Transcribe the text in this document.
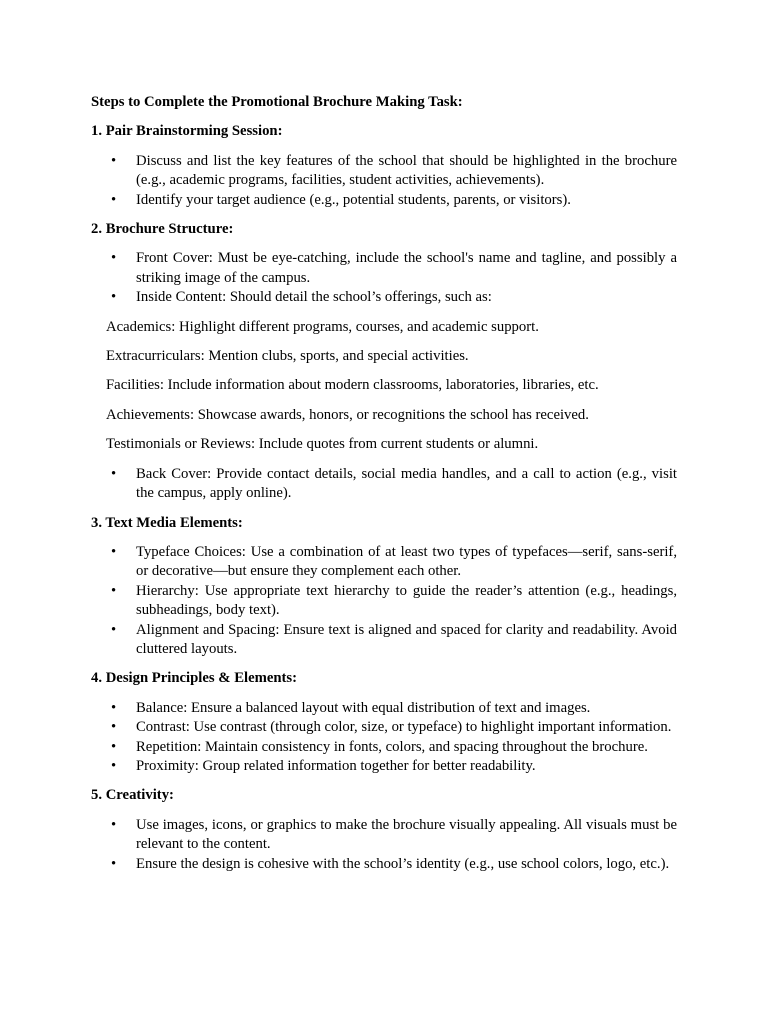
Steps to Complete the Promotional Brochure Making Task:

1. Pair Brainstorming Session:

• Discuss and list the key features of the school that should be highlighted in the brochure (e.g., academic programs, facilities, student activities, achievements).
• Identify your target audience (e.g., potential students, parents, or visitors).

2. Brochure Structure:

• Front Cover: Must be eye-catching, include the school's name and tagline, and possibly a striking image of the campus.
• Inside Content: Should detail the school’s offerings, such as:

Academics: Highlight different programs, courses, and academic support.

Extracurriculars: Mention clubs, sports, and special activities.

Facilities: Include information about modern classrooms, laboratories, libraries, etc.

Achievements: Showcase awards, honors, or recognitions the school has received.

Testimonials or Reviews: Include quotes from current students or alumni.

• Back Cover: Provide contact details, social media handles, and a call to action (e.g., visit the campus, apply online).

3. Text Media Elements:

• Typeface Choices: Use a combination of at least two types of typefaces—serif, sans-serif, or decorative—but ensure they complement each other.
• Hierarchy: Use appropriate text hierarchy to guide the reader’s attention (e.g., headings, subheadings, body text).
• Alignment and Spacing: Ensure text is aligned and spaced for clarity and readability. Avoid cluttered layouts.

4. Design Principles & Elements:

• Balance: Ensure a balanced layout with equal distribution of text and images.
• Contrast: Use contrast (through color, size, or typeface) to highlight important information.
• Repetition: Maintain consistency in fonts, colors, and spacing throughout the brochure.
• Proximity: Group related information together for better readability.

5. Creativity:

• Use images, icons, or graphics to make the brochure visually appealing. All visuals must be relevant to the content.
• Ensure the design is cohesive with the school’s identity (e.g., use school colors, logo, etc.).
